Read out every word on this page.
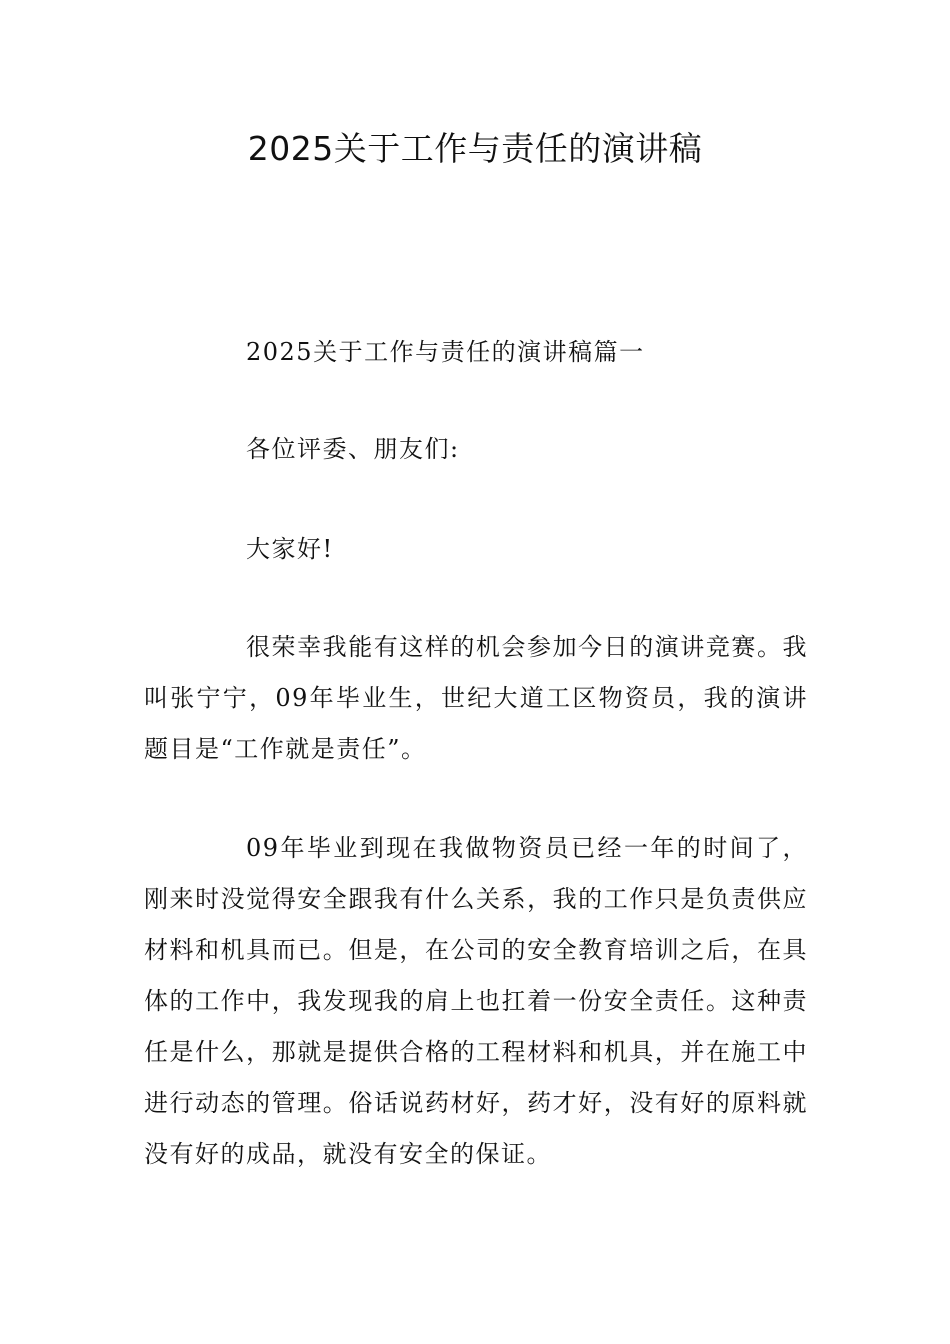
2025关于工作与责任的演讲稿

2025关于工作与责任的演讲稿篇一

各位评委、朋友们:

大家好!

很荣幸我能有这样的机会参加今日的演讲竞赛。我叫张宁宁，09年毕业生，世纪大道工区物资员，我的演讲题目是“工作就是责任”。

09年毕业到现在我做物资员已经一年的时间了，刚来时没觉得安全跟我有什么关系，我的工作只是负责供应材料和机具而已。但是，在公司的安全教育培训之后，在具体的工作中，我发现我的肩上也扛着一份安全责任。这种责任是什么，那就是提供合格的工程材料和机具，并在施工中进行动态的管理。俗话说药材好，药才好，没有好的原料就没有好的成品，就没有安全的保证。
